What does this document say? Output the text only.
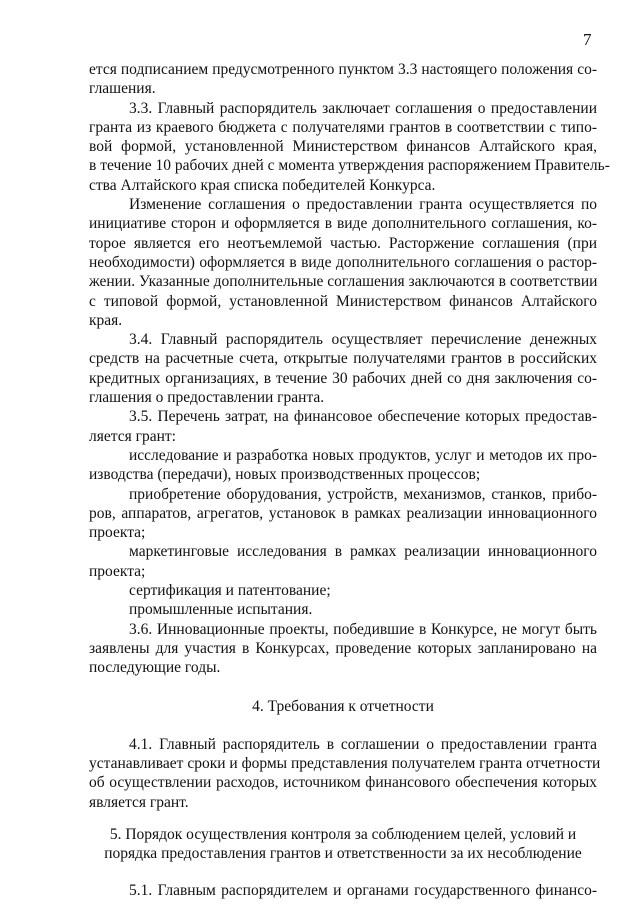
7
ется подписанием предусмотренного пунктом 3.3 настоящего положения со-
глашения.
3.3. Главный распорядитель заключает соглашения о предоставлении
гранта из краевого бюджета с получателями грантов в соответствии с типо-
вой формой, установленной Министерством финансов Алтайского края,
в течение 10 рабочих дней с момента утверждения распоряжением Правитель-
ства Алтайского края списка победителей Конкурса.
Изменение соглашения о предоставлении гранта осуществляется по
инициативе сторон и оформляется в виде дополнительного соглашения, ко-
торое является его неотъемлемой частью. Расторжение соглашения (при
необходимости) оформляется в виде дополнительного соглашения о растор-
жении. Указанные дополнительные соглашения заключаются в соответствии
с типовой формой, установленной Министерством финансов Алтайского
края.
3.4. Главный распорядитель осуществляет перечисление денежных
средств на расчетные счета, открытые получателями грантов в российских
кредитных организациях, в течение 30 рабочих дней со дня заключения со-
глашения о предоставлении гранта.
3.5. Перечень затрат, на финансовое обеспечение которых предостав-
ляется грант:
исследование и разработка новых продуктов, услуг и методов их про-
изводства (передачи), новых производственных процессов;
приобретение оборудования, устройств, механизмов, станков, прибо-
ров, аппаратов, агрегатов, установок в рамках реализации инновационного
проекта;
маркетинговые исследования в рамках реализации инновационного
проекта;
сертификация и патентование;
промышленные испытания.
3.6. Инновационные проекты, победившие в Конкурсе, не могут быть
заявлены для участия в Конкурсах, проведение которых запланировано на
последующие годы.
4. Требования к отчетности
4.1. Главный распорядитель в соглашении о предоставлении гранта
устанавливает сроки и формы представления получателем гранта отчетности
об осуществлении расходов, источником финансового обеспечения которых
является грант.
5. Порядок осуществления контроля за соблюдением целей, условий и
порядка предоставления грантов и ответственности за их несоблюдение
5.1. Главным распорядителем и органами государственного финансо-
